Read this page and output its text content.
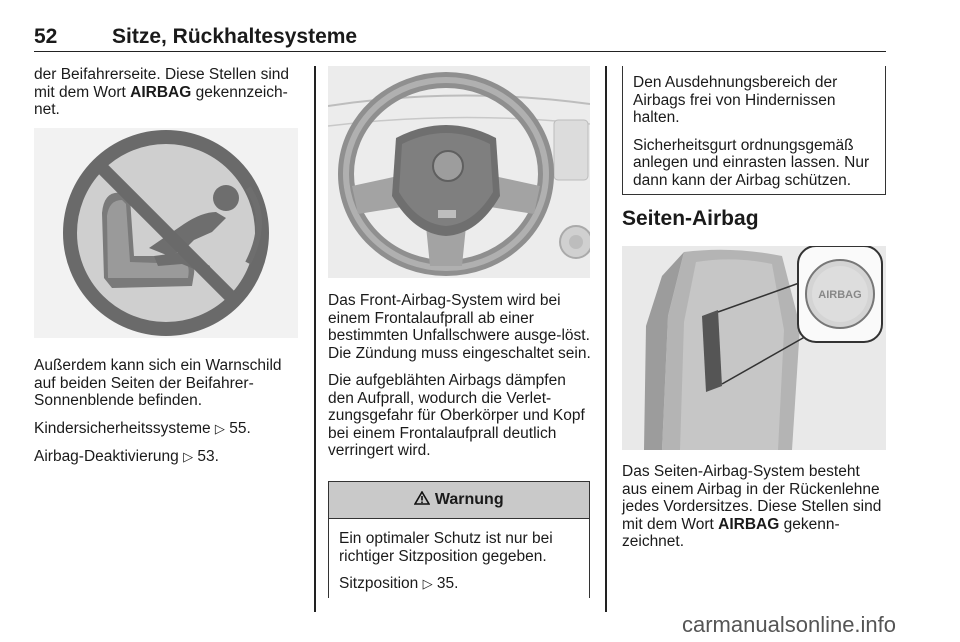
52	Sitze, Rückhaltesysteme

der Beifahrerseite. Diese Stellen sind mit dem Wort AIRBAG gekennzeich-net.

Außerdem kann sich ein Warnschild auf beiden Seiten der Beifahrer-Sonnenblende befinden.

Kindersicherheitssysteme ▷ 55.

Airbag-Deaktivierung ▷ 53.

Das Front-Airbag-System wird bei einem Frontalaufprall ab einer bestimmten Unfallschwere ausge-löst. Die Zündung muss eingeschaltet sein.

Die aufgeblähten Airbags dämpfen den Aufprall, wodurch die Verlet-zungsgefahr für Oberkörper und Kopf bei einem Frontalaufprall deutlich verringert wird.

Warnung

Ein optimaler Schutz ist nur bei richtiger Sitzposition gegeben.

Sitzposition ▷ 35.

Den Ausdehnungsbereich der Airbags frei von Hindernissen halten.

Sicherheitsgurt ordnungsgemäß anlegen und einrasten lassen. Nur dann kann der Airbag schützen.

Seiten-Airbag
AIRBAG

Das Seiten-Airbag-System besteht aus einem Airbag in der Rückenlehne jedes Vordersitzes. Diese Stellen sind mit dem Wort AIRBAG gekenn-zeichnet.

carmanualsonline.info
